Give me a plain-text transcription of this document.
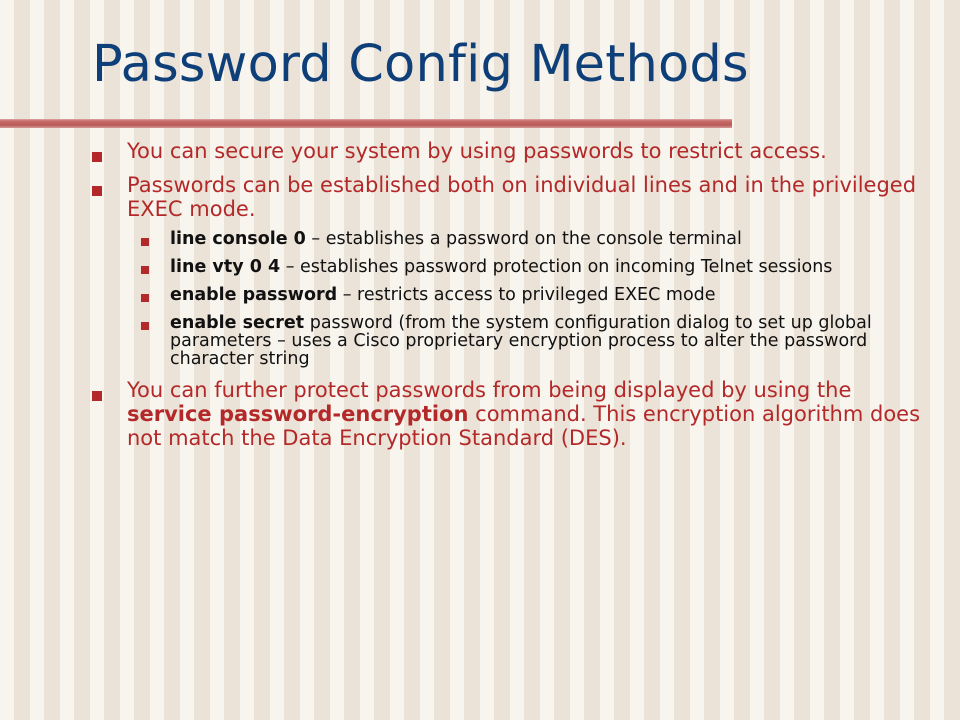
Password Config Methods
You can secure your system by using passwords to restrict access.
Passwords can be established both on individual lines and in the privileged EXEC mode.
line console 0 – establishes a password on the console terminal
line vty 0 4 – establishes password protection on incoming Telnet sessions
enable password – restricts access to privileged EXEC mode
enable secret password (from the system configuration dialog to set up global parameters – uses a Cisco proprietary encryption process to alter the password character string
You can further protect passwords from being displayed by using the service password-encryption command. This encryption algorithm does not match the Data Encryption Standard (DES).
